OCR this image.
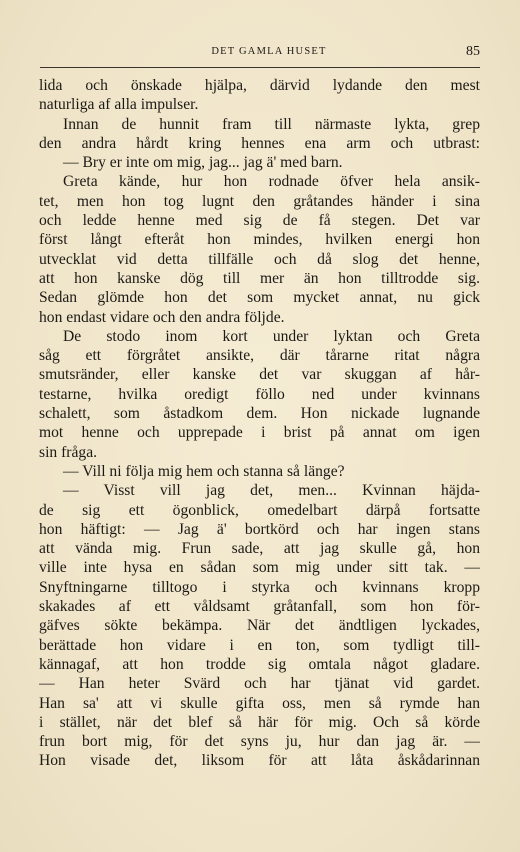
DET GAMLA HUSET	85
lida och önskade hjälpa, därvid lydande den mest
naturliga af alla impulser.
Innan de hunnit fram till närmaste lykta, grep
den andra hårdt kring hennes ena arm och utbrast:
— Bry er inte om mig, jag... jag ä' med barn.
Greta kände, hur hon rodnade öfver hela ansik-
tet, men hon tog lugnt den gråtandes händer i sina
och ledde henne med sig de få stegen. Det var
först långt efteråt hon mindes, hvilken energi hon
utvecklat vid detta tillfälle och då slog det henne,
att hon kanske dög till mer än hon tilltrodde sig.
Sedan glömde hon det som mycket annat, nu gick
hon endast vidare och den andra följde.
De stodo inom kort under lyktan och Greta
såg ett förgråtet ansikte, där tårarne ritat några
smutsränder, eller kanske det var skuggan af hår-
testarne, hvilka oredigt föllo ned under kvinnans
schalett, som åstadkom dem. Hon nickade lugnande
mot henne och upprepade i brist på annat om igen
sin fråga.
— Vill ni följa mig hem och stanna så länge?
— Visst vill jag det, men... Kvinnan häjda-
de sig ett ögonblick, omedelbart därpå fortsatte
hon häftigt: — Jag ä' bortkörd och har ingen stans
att vända mig. Frun sade, att jag skulle gå, hon
ville inte hysa en sådan som mig under sitt tak. —
Snyftningarne tilltogo i styrka och kvinnans kropp
skakades af ett våldsamt gråtanfall, som hon för-
gäfves sökte bekämpa. När det ändtligen lyckades,
berättade hon vidare i en ton, som tydligt till-
kännagaf, att hon trodde sig omtala något gladare.
— Han heter Svärd och har tjänat vid gardet.
Han sa' att vi skulle gifta oss, men så rymde han
i stället, när det blef så här för mig. Och så körde
frun bort mig, för det syns ju, hur dan jag är. —
Hon visade det, liksom för att låta åskådarinnan
